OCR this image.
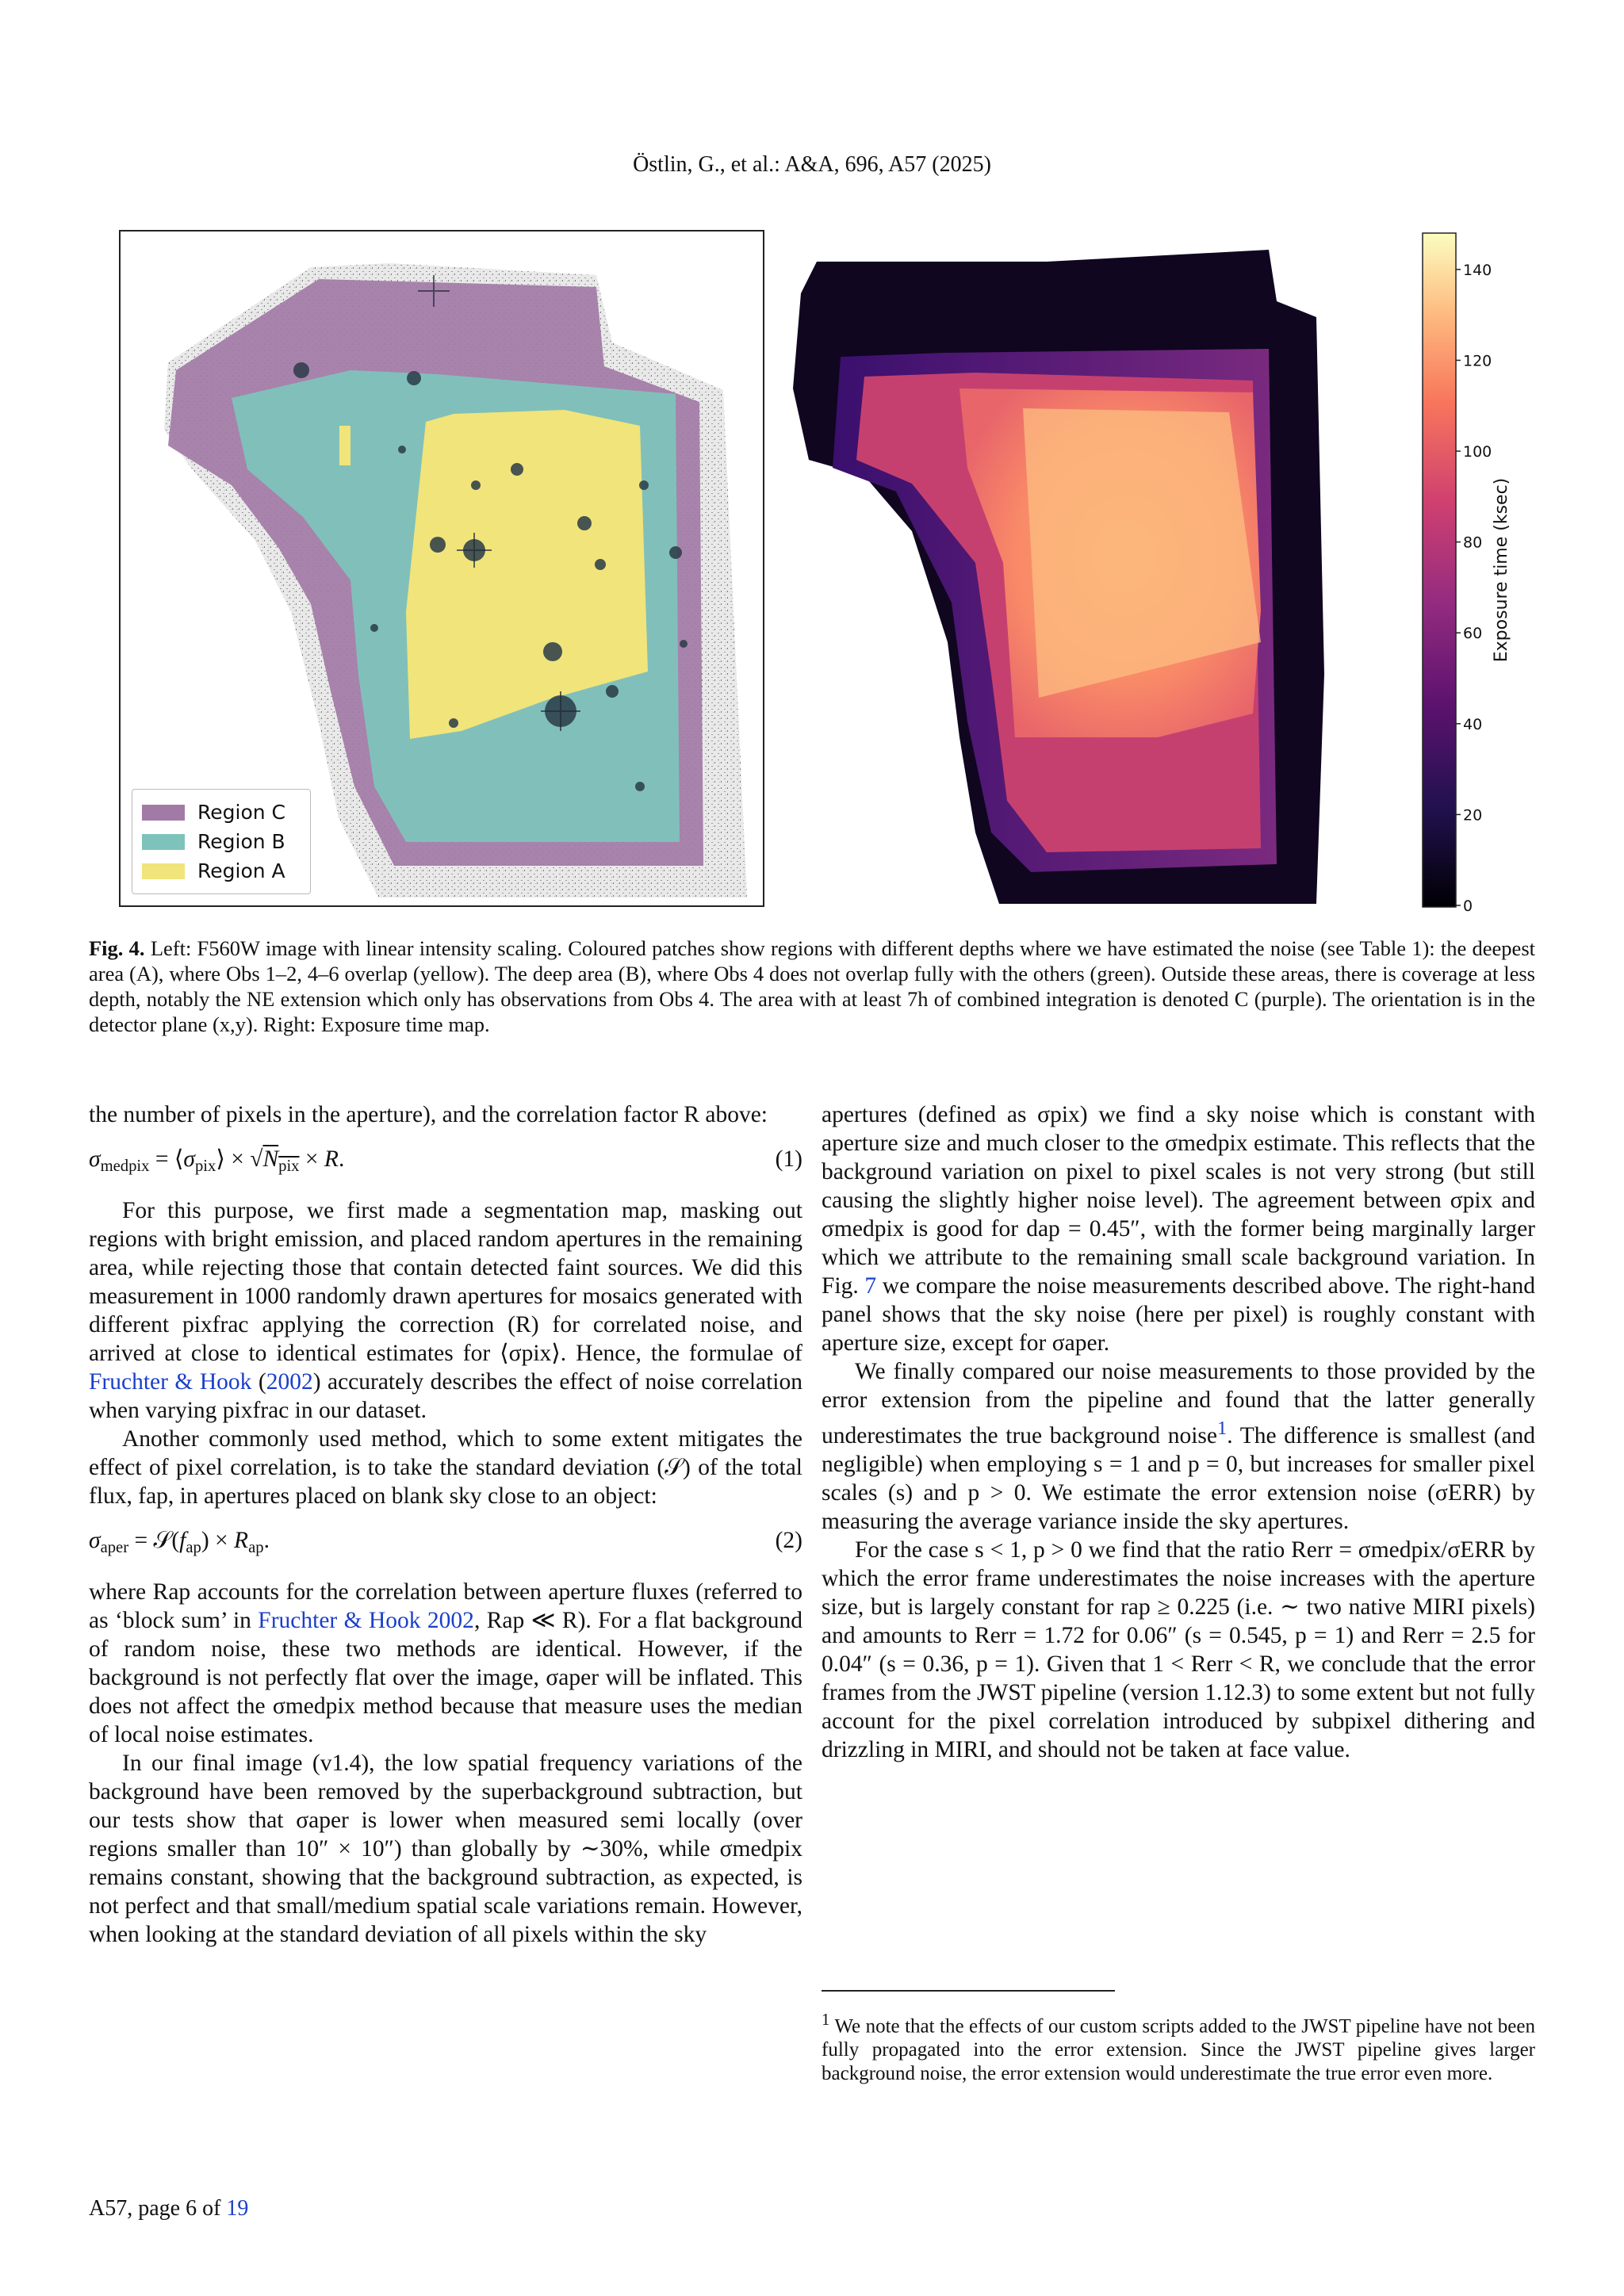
Östlin, G., et al.: A&A, 696, A57 (2025)
Region C
Region B
Region A
0
20
40
60
80
100
120
140
Exposure time (ksec)
Fig. 4. Left: F560W image with linear intensity scaling. Coloured patches show regions with different depths where we have estimated the noise (see Table 1): the deepest area (A), where Obs 1–2, 4–6 overlap (yellow). The deep area (B), where Obs 4 does not overlap fully with the others (green). Outside these areas, there is coverage at less depth, notably the NE extension which only has observations from Obs 4. The area with at least 7h of combined integration is denoted C (purple). The orientation is in the detector plane (x,y). Right: Exposure time map.

the number of pixels in the aperture), and the correlation factor R above:

$\sigma_{medpix}$ = $⟨\sigma_{pix}⟩ \times √N_{pix} \times R$.	(1)

For this purpose, we first made a segmentation map, masking out regions with bright emission, and placed random apertures in the remaining area, while rejecting those that contain detected faint sources. We did this measurement in 1000 randomly drawn apertures for mosaics generated with different pixfrac applying the correction (R) for correlated noise, and arrived at close to identical estimates for ⟨σpix⟩. Hence, the formulae of Fruchter & Hook (2002) accurately describes the effect of noise correlation when varying pixfrac in our dataset.

Another commonly used method, which to some extent mitigates the effect of pixel correlation, is to take the standard deviation (𝒮) of the total flux, fap, in apertures placed on blank sky close to an object:

$\sigma_{aper}$ = $𝒮(f_{ap}) \times R_{ap}$.	(2)

where Rap accounts for the correlation between aperture fluxes (referred to as ‘block sum’ in Fruchter & Hook 2002, Rap ≪ R). For a flat background of random noise, these two methods are identical. However, if the background is not perfectly flat over the image, σaper will be inflated. This does not affect the σmedpix method because that measure uses the median of local noise estimates.

In our final image (v1.4), the low spatial frequency variations of the background have been removed by the superbackground subtraction, but our tests show that σaper is lower when measured semi locally (over regions smaller than 10″ × 10″) than globally by ∼30%, while σmedpix remains constant, showing that the background subtraction, as expected, is not perfect and that small/medium spatial scale variations remain. However, when looking at the standard deviation of all pixels within the sky

apertures (defined as σpix) we find a sky noise which is constant with aperture size and much closer to the σmedpix estimate. This reflects that the background variation on pixel to pixel scales is not very strong (but still causing the slightly higher noise level). The agreement between σpix and σmedpix is good for dap = 0.45″, with the former being marginally larger which we attribute to the remaining small scale background variation. In Fig. 7 we compare the noise measurements described above. The right-hand panel shows that the sky noise (here per pixel) is roughly constant with aperture size, except for σaper.

We finally compared our noise measurements to those provided by the error extension from the pipeline and found that the latter generally underestimates the true background noise$^1$. The difference is smallest (and negligible) when employing s = 1 and p = 0, but increases for smaller pixel scales (s) and p > 0. We estimate the error extension noise (σERR) by measuring the average variance inside the sky apertures.

For the case s < 1, p > 0 we find that the ratio Rerr = σmedpix/σERR by which the error frame underestimates the noise increases with the aperture size, but is largely constant for rap ≥ 0.225 (i.e. ∼ two native MIRI pixels) and amounts to Rerr = 1.72 for 0.06″ (s = 0.545, p = 1) and Rerr = 2.5 for 0.04″ (s = 0.36, p = 1). Given that 1 < Rerr < R, we conclude that the error frames from the JWST pipeline (version 1.12.3) to some extent but not fully account for the pixel correlation introduced by subpixel dithering and drizzling in MIRI, and should not be taken at face value.

$^1$ We note that the effects of our custom scripts added to the JWST pipeline have not been fully propagated into the error extension. Since the JWST pipeline gives larger background noise, the error extension would underestimate the true error even more.
A57, page 6 of 19
